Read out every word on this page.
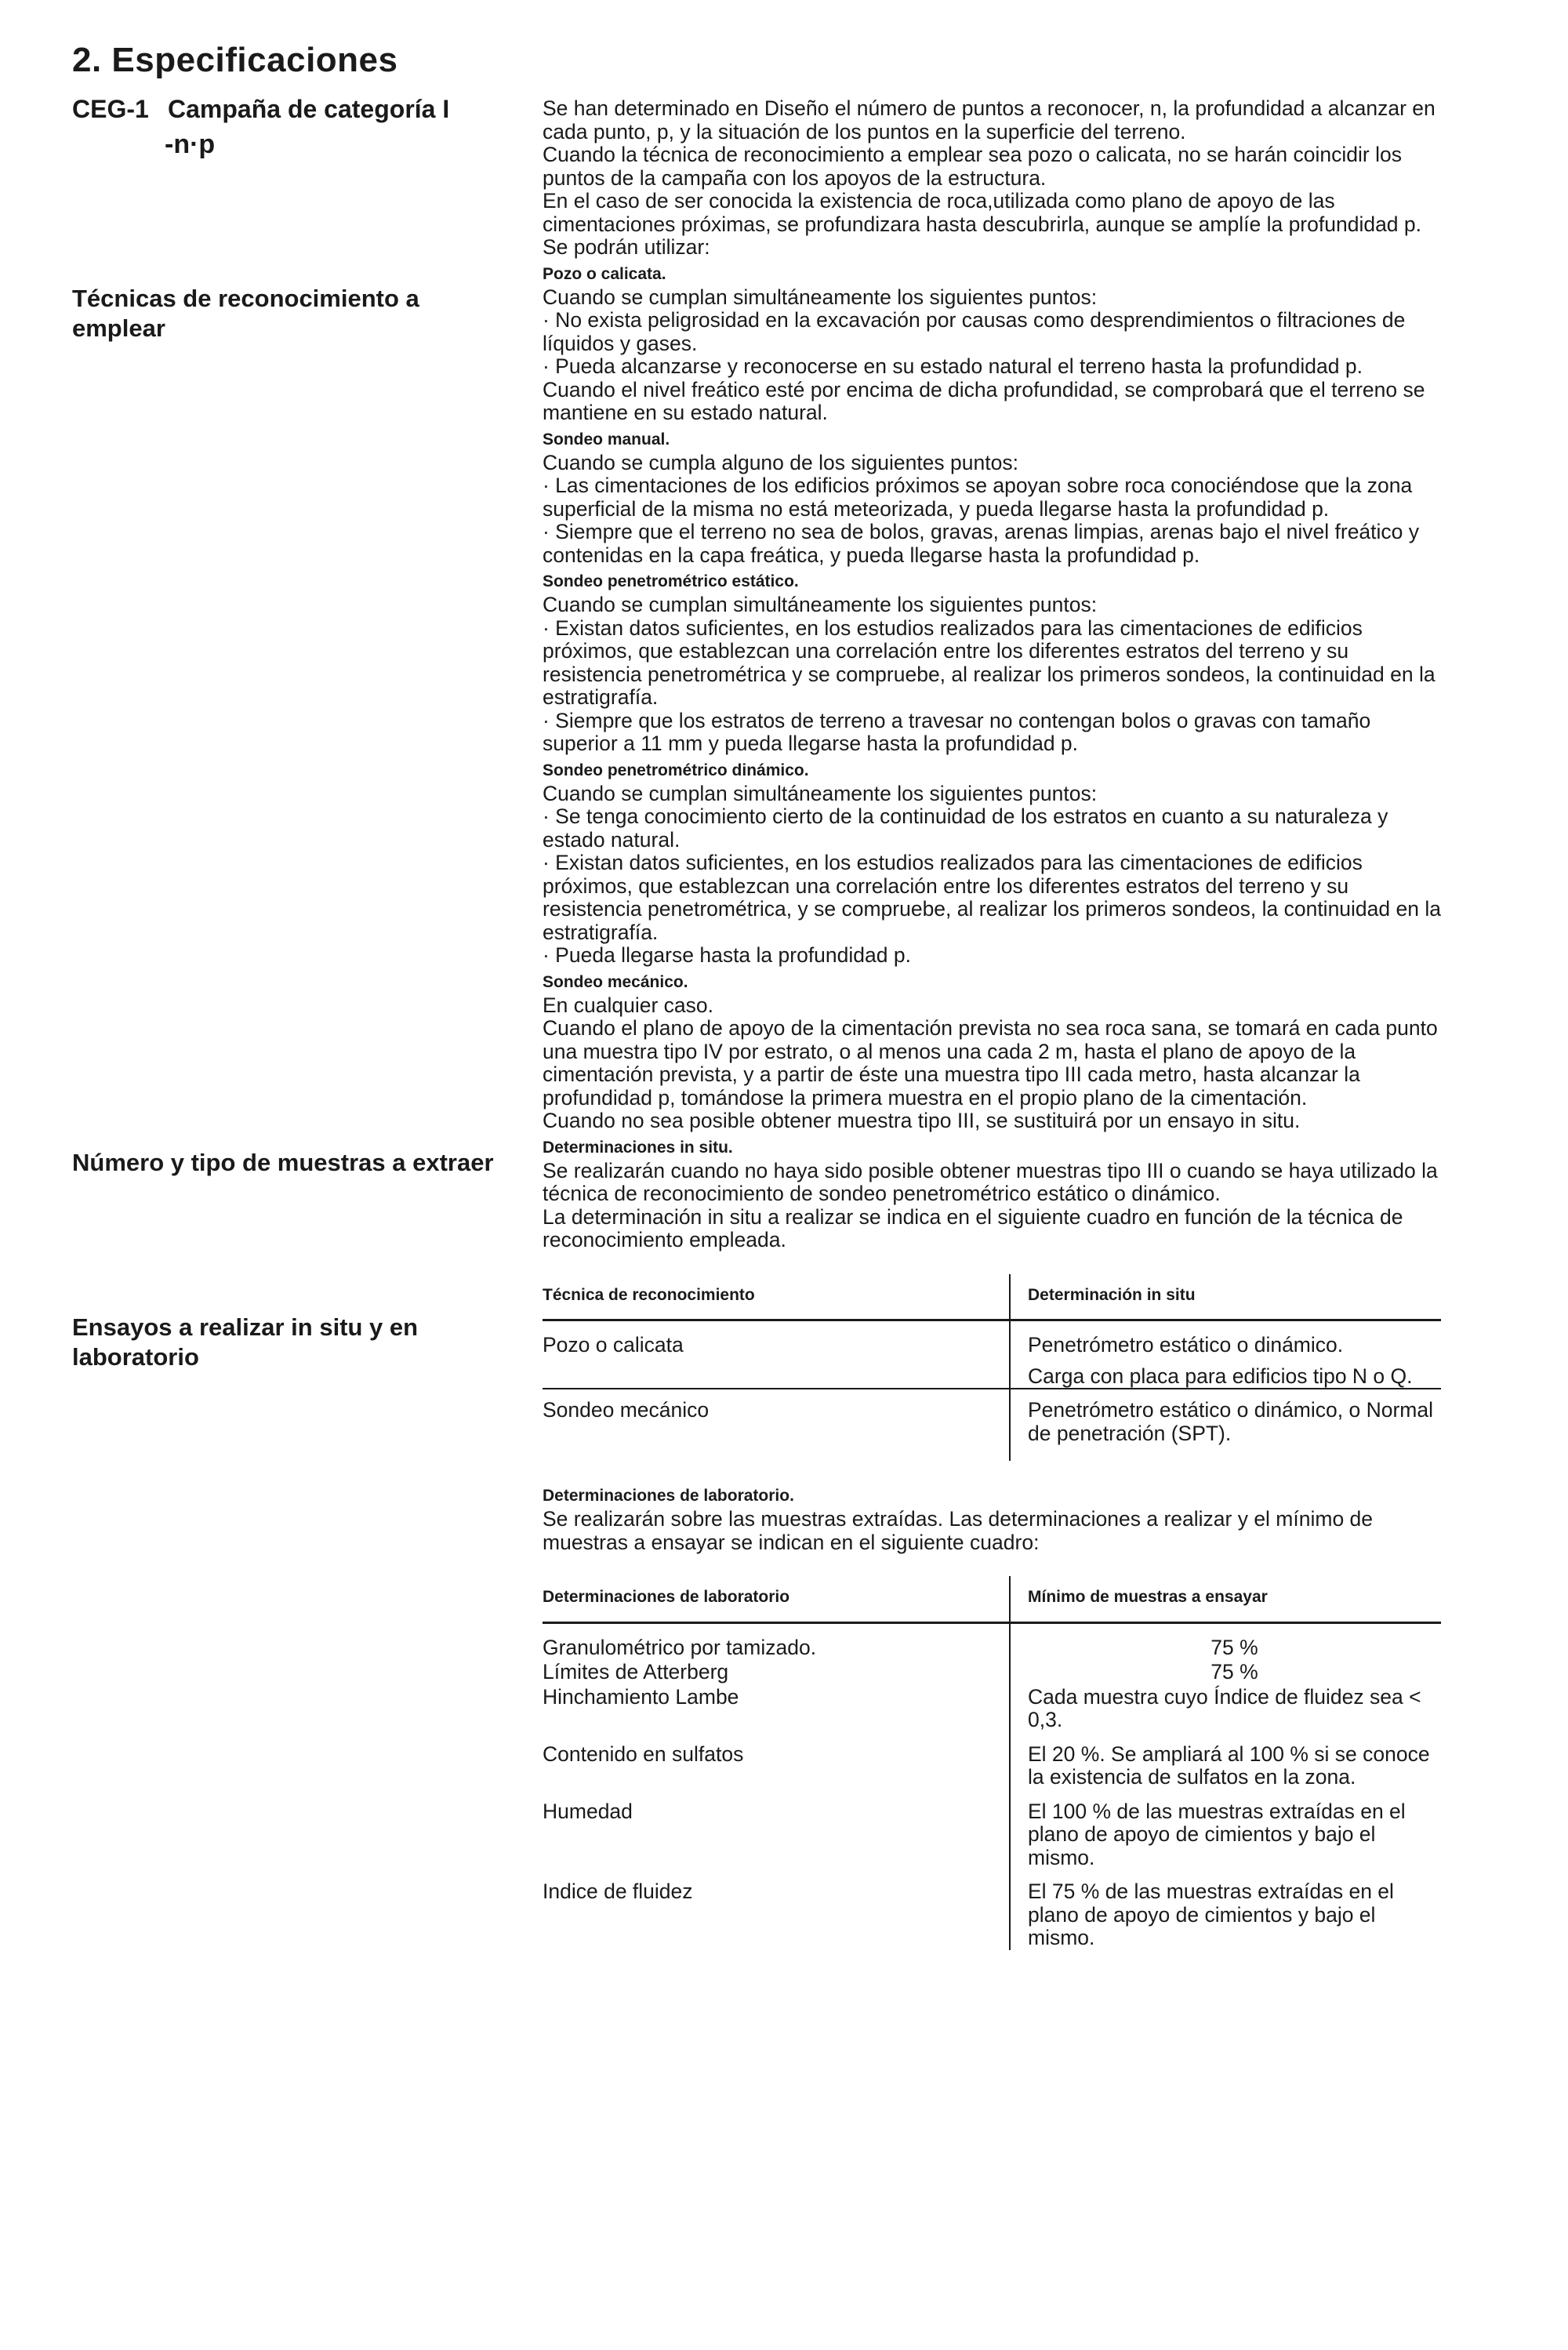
2. Especificaciones
CEG-1 Campaña de categoría I
-n·p
Técnicas de reconocimiento a emplear
Número y tipo de muestras a extraer
Ensayos a realizar in situ y en laboratorio

Se han determinado en Diseño el número de puntos a reconocer, n, la profundidad a alcanzar en cada punto, p, y la situación de los puntos en la superficie del terreno.

Cuando la técnica de reconocimiento a emplear sea pozo o calicata, no se harán coincidir los puntos de la campaña con los apoyos de la estructura.

En el caso de ser conocida la existencia de roca,utilizada como plano de apoyo de las cimentaciones próximas, se profundizara hasta descubrirla, aunque se amplíe la profundidad p.

Se podrán utilizar:

Pozo o calicata.

Cuando se cumplan simultáneamente los siguientes puntos:

· No exista peligrosidad en la excavación por causas como desprendimientos o filtraciones de líquidos y gases.

· Pueda alcanzarse y reconocerse en su estado natural el terreno hasta la profundidad p. Cuando el nivel freático esté por encima de dicha profundidad, se comprobará que el terreno se mantiene en su estado natural.

Sondeo manual.

Cuando se cumpla alguno de los siguientes puntos:

· Las cimentaciones de los edificios próximos se apoyan sobre roca conociéndose que la zona superficial de la misma no está meteorizada, y pueda llegarse hasta la profundidad p.

· Siempre que el terreno no sea de bolos, gravas, arenas limpias, arenas bajo el nivel freático y contenidas en la capa freática, y pueda llegarse hasta la profundidad p.

Sondeo penetrométrico estático.

Cuando se cumplan simultáneamente los siguientes puntos:

· Existan datos suficientes, en los estudios realizados para las cimentaciones de edificios próximos, que establezcan una correlación entre los diferentes estratos del terreno y su resistencia penetrométrica y se compruebe, al realizar los primeros sondeos, la continuidad en la estratigrafía.

· Siempre que los estratos de terreno a travesar no contengan bolos o gravas con tamaño superior a 11 mm y pueda llegarse hasta la profundidad p.

Sondeo penetrométrico dinámico.

Cuando se cumplan simultáneamente los siguientes puntos:

· Se tenga conocimiento cierto de la continuidad de los estratos en cuanto a su naturaleza y estado natural.

· Existan datos suficientes, en los estudios realizados para las cimentaciones de edificios próximos, que establezcan una correlación entre los diferentes estratos del terreno y su resistencia penetrométrica, y se compruebe, al realizar los primeros sondeos, la continuidad en la estratigrafía.

· Pueda llegarse hasta la profundidad p.

Sondeo mecánico.

En cualquier caso.

Cuando el plano de apoyo de la cimentación prevista no sea roca sana, se tomará en cada punto una muestra tipo IV por estrato, o al menos una cada 2 m, hasta el plano de apoyo de la cimentación prevista, y a partir de éste una muestra tipo III cada metro, hasta alcanzar la profundidad p, tomándose la primera muestra en el propio plano de la cimentación.

Cuando no sea posible obtener muestra tipo III, se sustituirá por un ensayo in situ.

Determinaciones in situ.

Se realizarán cuando no haya sido posible obtener muestras tipo III o cuando se haya utilizado la técnica de reconocimiento de sondeo penetrométrico estático o dinámico.

La determinación in situ a realizar se indica en el siguiente cuadro en función de la técnica de reconocimiento empleada.

Técnica de reconocimiento	Determinación in situ
Pozo o calicata	Penetrómetro estático o dinámico.
Carga con placa para edificios tipo N o Q.

Sondeo mecánico	Penetrómetro estático o dinámico, o Normal de penetración (SPT).

Determinaciones de laboratorio.

Se realizarán sobre las muestras extraídas. Las determinaciones a realizar y el mínimo de muestras a ensayar se indican en el siguiente cuadro:

Determinaciones de laboratorio	Mínimo de muestras a ensayar
Granulométrico por tamizado.	75 %
Límites de Atterberg	75 %
Hinchamiento Lambe	Cada muestra cuyo Índice de fluidez sea < 0,3.
Contenido en sulfatos	El 20 %. Se ampliará al 100 % si se conoce la existencia de sulfatos en la zona.
Humedad	El 100 % de las muestras extraídas en el plano de apoyo de cimientos y bajo el mismo.
Indice de fluidez	El 75 % de las muestras extraídas en el plano de apoyo de cimientos y bajo el mismo.
